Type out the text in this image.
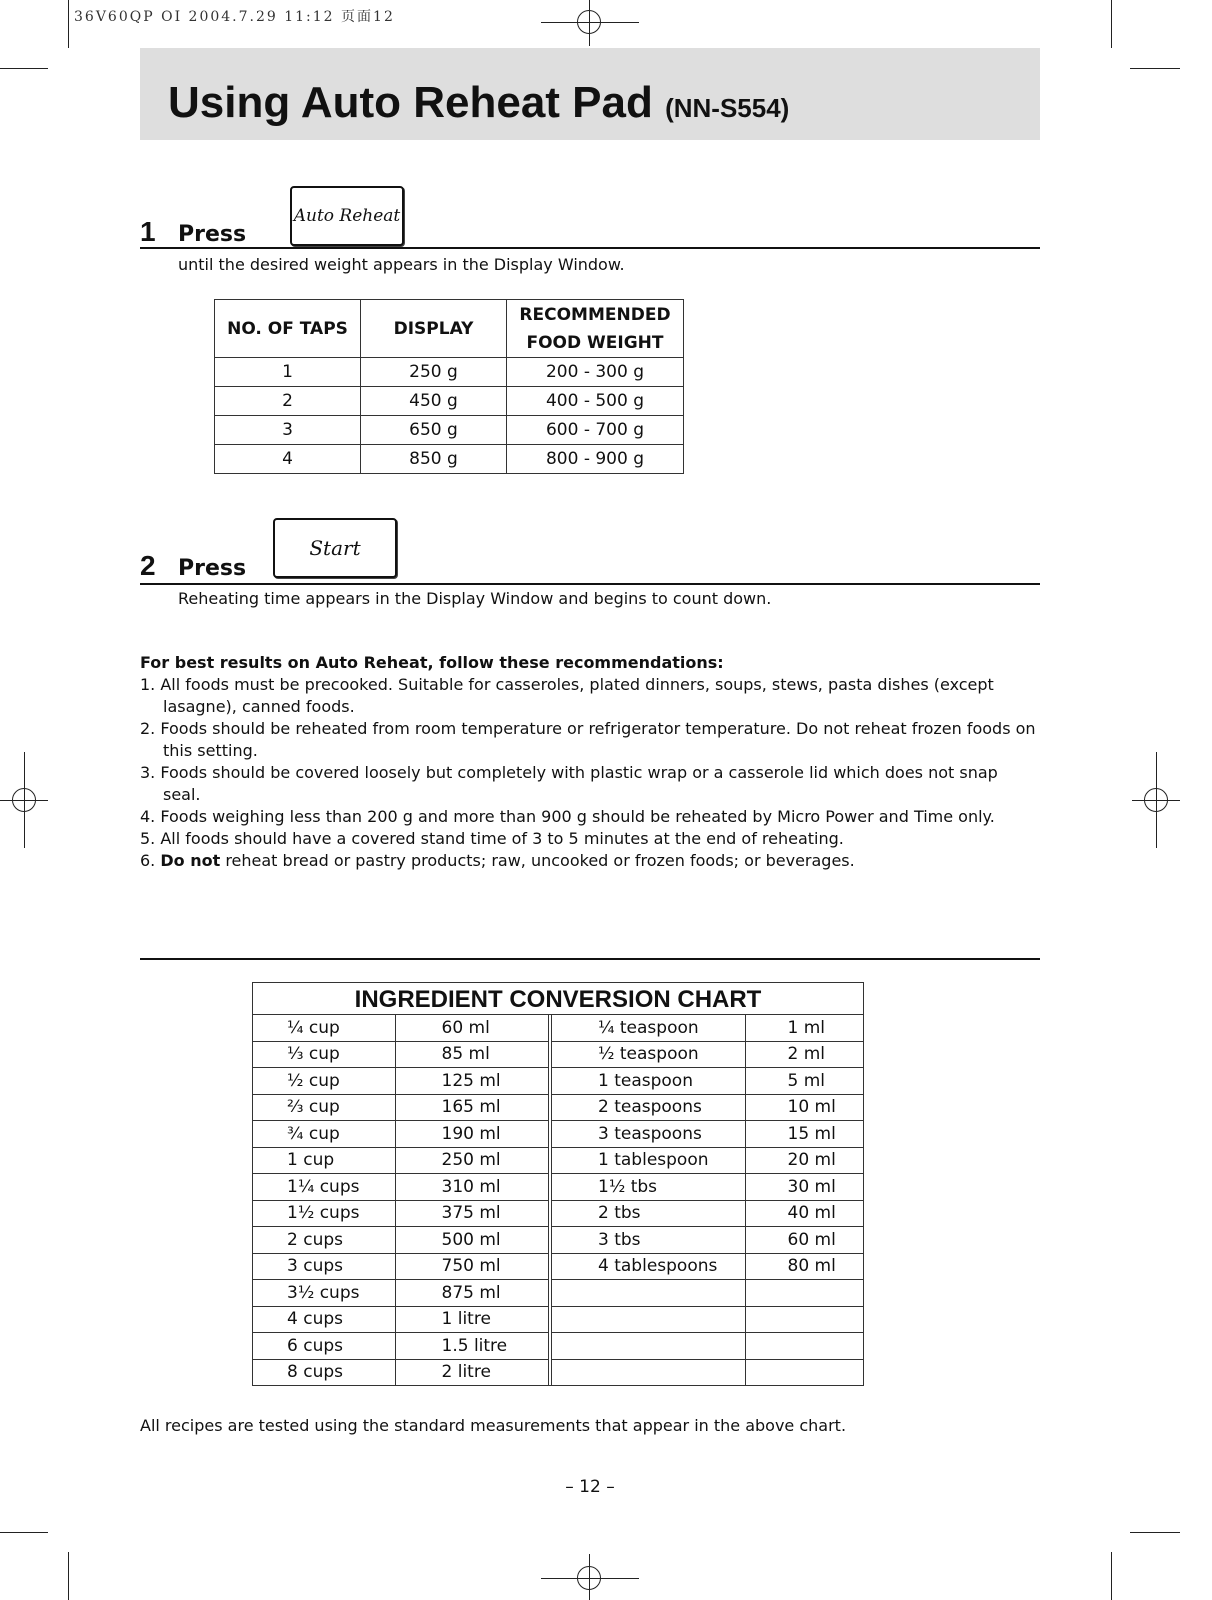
36V60QP OI 2004.7.29 11:12 页面12
Using Auto Reheat Pad (NN-S554)
1 Press
Auto Reheat
until the desired weight appears in the Display Window.
NO. OF TAPS	DISPLAY	RECOMMENDED
FOOD WEIGHT

1	250 g	200 - 300 g
2	450 g	400 - 500 g
3	650 g	600 - 700 g
4	850 g	800 - 900 g
2 Press
Start
Reheating time appears in the Display Window and begins to count down.
For best results on Auto Reheat, follow these recommendations:
1. All foods must be precooked. Suitable for casseroles, plated dinners, soups, stews, pasta dishes (except lasagne), canned foods.
2. Foods should be reheated from room temperature or refrigerator temperature. Do not reheat frozen foods on this setting.
3. Foods should be covered loosely but completely with plastic wrap or a casserole lid which does not snap seal.
4. Foods weighing less than 200 g and more than 900 g should be reheated by Micro Power and Time only.
5. All foods should have a covered stand time of 3 to 5 minutes at the end of reheating.
6. Do not reheat bread or pastry products; raw, uncooked or frozen foods; or beverages.
INGREDIENT CONVERSION CHART
¼ cup	60 ml	¼ teaspoon	1 ml
⅓ cup	85 ml	½ teaspoon	2 ml
½ cup	125 ml	1 teaspoon	5 ml
⅔ cup	165 ml	2 teaspoons	10 ml
¾ cup	190 ml	3 teaspoons	15 ml
1 cup	250 ml	1 tablespoon	20 ml
1¼ cups	310 ml	1½ tbs	30 ml
1½ cups	375 ml	2 tbs	40 ml
2 cups	500 ml	3 tbs	60 ml
3 cups	750 ml	4 tablespoons	80 ml
3½ cups	875 ml		
4 cups	1 litre		
6 cups	1.5 litre		
8 cups	2 litre		
All recipes are tested using the standard measurements that appear in the above chart.
– 12 –
